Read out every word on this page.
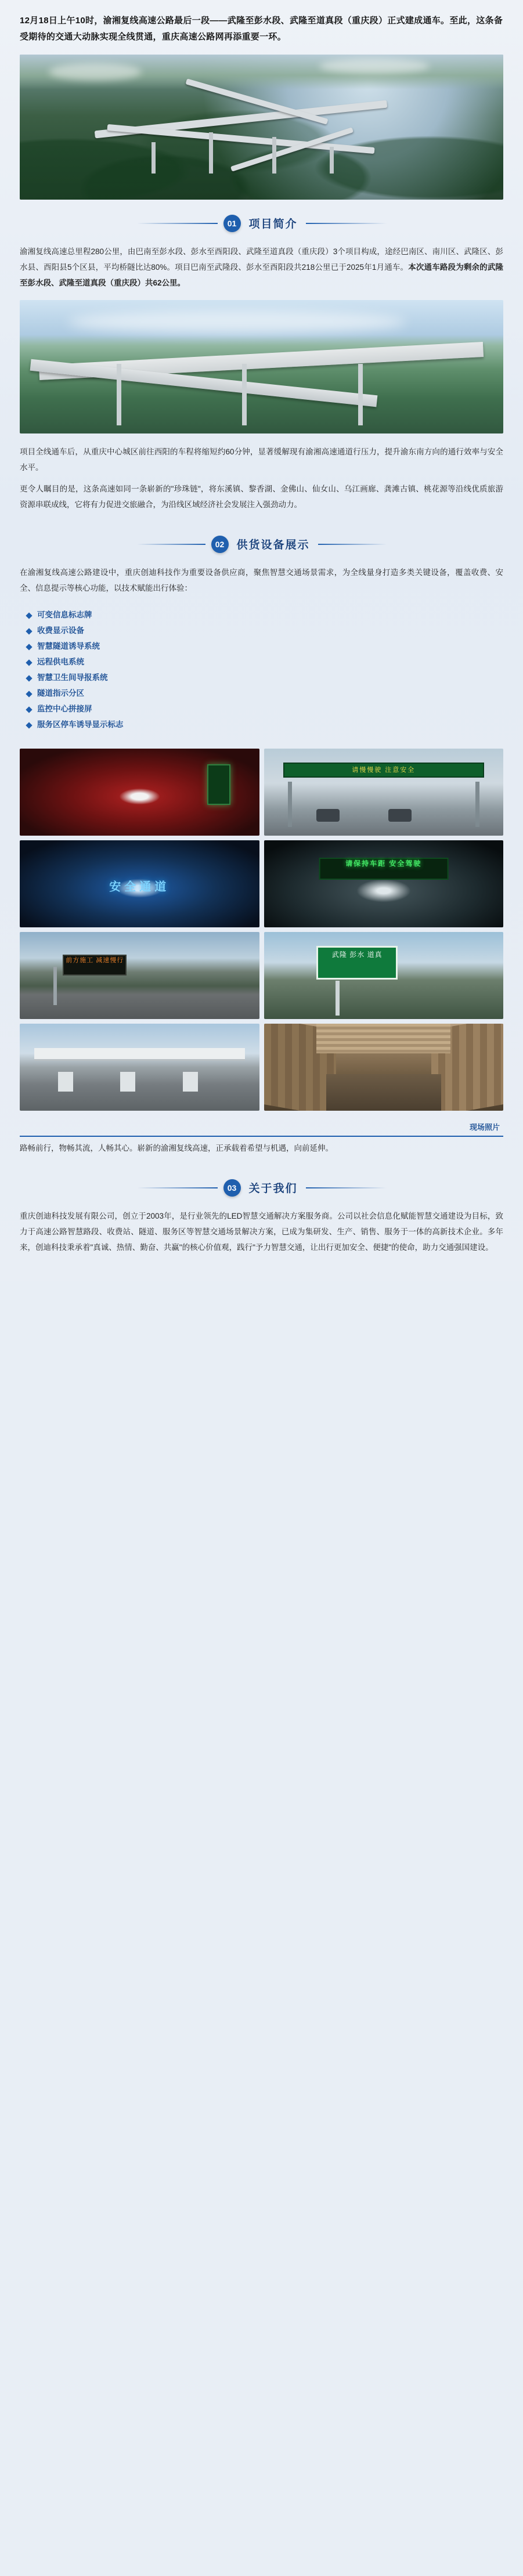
12月18日上午10时，渝湘复线高速公路最后一段——武隆至彭水段、武隆至道真段（重庆段）正式建成通车。至此，这条备受期待的交通大动脉实现全线贯通，重庆高速公路网再添重要一环。
01	项目简介
渝湘复线高速总里程280公里，由巴南至彭水段、彭水至酉阳段、武隆至道真段（重庆段）3个项目构成，途经巴南区、南川区、武隆区、彭水县、酉阳县5个区县，平均桥隧比达80%。项目巴南至武隆段、彭水至酉阳段共218公里已于2025年1月通车。本次通车路段为剩余的武隆至彭水段、武隆至道真段（重庆段）共62公里。
项目全线通车后，从重庆中心城区前往西阳的车程将缩短约60分钟，显著缓解现有渝湘高速通道行压力，提升渝东南方向的通行效率与安全水平。
更令人瞩目的是，这条高速如同一条崭新的"珍珠链"，将东溪镇、黎香湖、金佛山、仙女山、乌江画廊、龚滩古镇、桃花源等沿线优质旅游资源串联成线，它将有力促进交旅融合，为沿线区域经济社会发展注入强劲动力。
02	供货设备展示
在渝湘复线高速公路建设中，重庆创迪科技作为重要设备供应商，聚焦智慧交通场景需求，为全线量身打造多类关键设备，覆盖收费、安全、信息提示等核心功能，以技术赋能出行体验：
可变信息标志牌
收费显示设备
智慧隧道诱导系统
远程供电系统
智慧卫生间导报系统
隧道指示分区
监控中心拼接屏
服务区停车诱导显示标志
请慢慢驶 注意安全
安全通道
请保持车距 安全驾驶
前方施工 减速慢行
武隆 彭水 道真
现场照片
路畅前行，物畅其流，人畅其心。崭新的渝湘复线高速，正承载着希望与机遇，向前延伸。
03	关于我们
重庆创迪科技发展有限公司，创立于2003年，是行业领先的LED智慧交通解决方案服务商。公司以社会信息化赋能智慧交通建设为目标，致力于高速公路智慧路段、收费站、隧道、服务区等智慧交通场景解决方案，已成为集研发、生产、销售、服务于一体的高新技术企业。多年来，创迪科技秉承着"真诚、热情、勤奋、共赢"的核心价值观，践行"予力智慧交通，让出行更加安全、便捷"的使命，助力交通强国建设。
